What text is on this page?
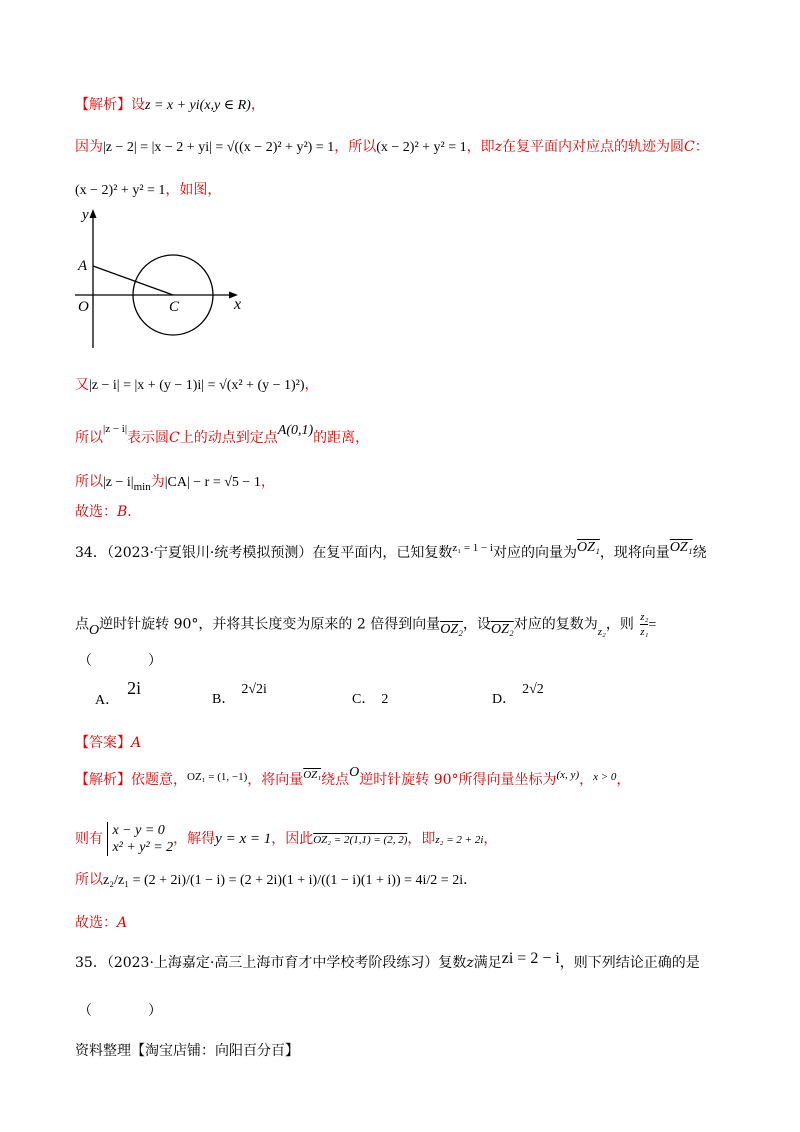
【解析】设z = x + yi(x,y ∈ R)，
因为|z − 2| = |x − 2 + yi| = √((x − 2)² + y²) = 1，所以(x − 2)² + y² = 1，即z在复平面内对应点的轨迹为圆C：
(x − 2)² + y² = 1，如图，
y
x
A
O	C
又|z − i| = |x + (y − 1)i| = √(x² + (y − 1)²)，
所以$^{|z - i|}$表示圆C上的动点到定点A(0,1)的距离，
所以$|z - i|_{min}$为|CA| − r = √5 − 1，
故选：B．
34．（2023·宁夏银川·统考模拟预测）在复平面内，已知复数$^{z_1 = 1 - i}$对应的向量为OZ₁，现将向量OZ₁绕
点O逆时针旋转 90°，并将其长度变为原来的 2 倍得到向量OZ₂，设OZ₂对应的复数为$_{z_2}$，则 $\frac{\text{z₂}}{\text{z₁}}$ =
（　　　　）
A．2i
B．2√2i
C． 2	D．2√2
【答案】A
【解析】依题意，$^{OZ_1 = (1, -1)}$，将向量$^{OZ_1}$绕点O逆时针旋转 90°所得向量坐标为$^{(x, y)}$，$^{x > 0}$，
则有
x − y = 0
x² + y² = 2
，解得y = x = 1，因此OZ₂ = 2(1,1) = (2, 2)，即z₂ = 2 + 2i，
所以z₂/z₁ = (2 + 2i)/(1 − i) = (2 + 2i)(1 + i)/((1 − i)(1 + i)) = 4i/2 = 2i．
故选：A
35．（2023·上海嘉定·高三上海市育才中学校考阶段练习）复数z满足zi = 2 − i，则下列结论正确的是
（　　　　）
资料整理【淘宝店铺：向阳百分百】
